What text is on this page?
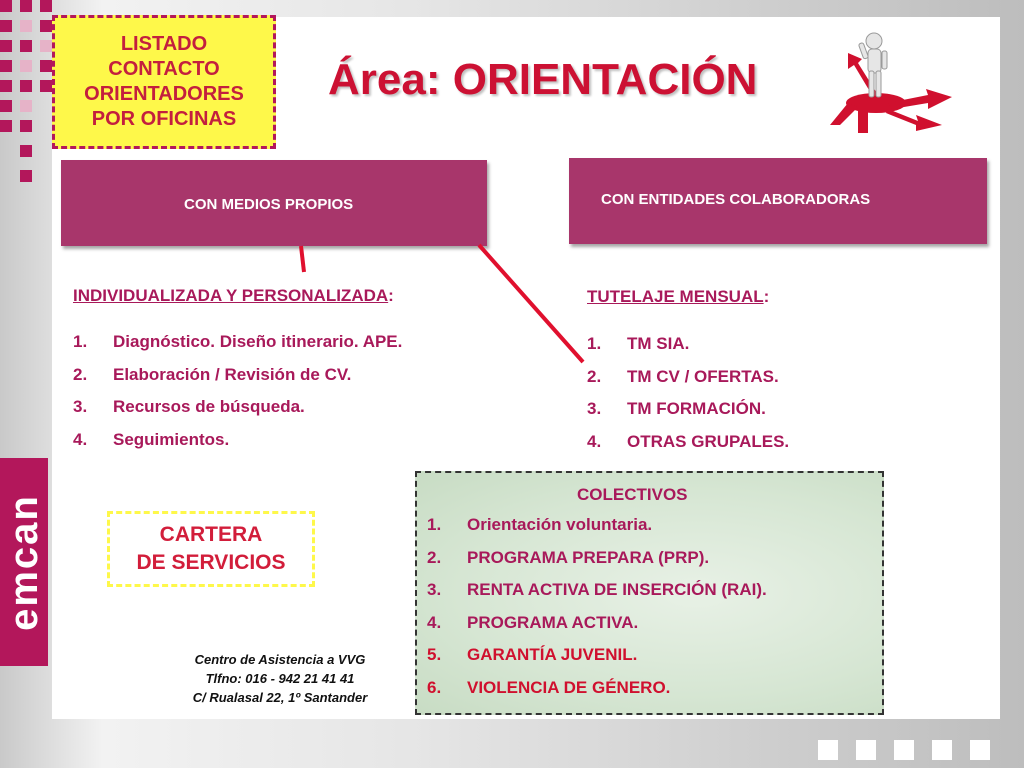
emcan
LISTADO
CONTACTO
ORIENTADORES
POR OFICINAS
Área: ORIENTACIÓN
CON MEDIOS PROPIOS	CON ENTIDADES COLABORADORAS
INDIVIDUALIZADA Y PERSONALIZADA:
1. Diagnóstico. Diseño itinerario. APE.
2. Elaboración / Revisión de CV.
3. Recursos de búsqueda.
4. Seguimientos.
TUTELAJE MENSUAL:
1. TM SIA.
2. TM CV / OFERTAS.
3. TM FORMACIÓN.
4. OTRAS GRUPALES.
CARTERA
DE SERVICIOS
Centro de Asistencia a VVG
Tlfno: 016 - 942 21 41 41
C/ Rualasal 22, 1º Santander
COLECTIVOS
1. Orientación voluntaria.
2. PROGRAMA PREPARA (PRP).
3. RENTA ACTIVA DE INSERCIÓN (RAI).
4. PROGRAMA ACTIVA.
5. GARANTÍA JUVENIL.
6. VIOLENCIA DE GÉNERO.
